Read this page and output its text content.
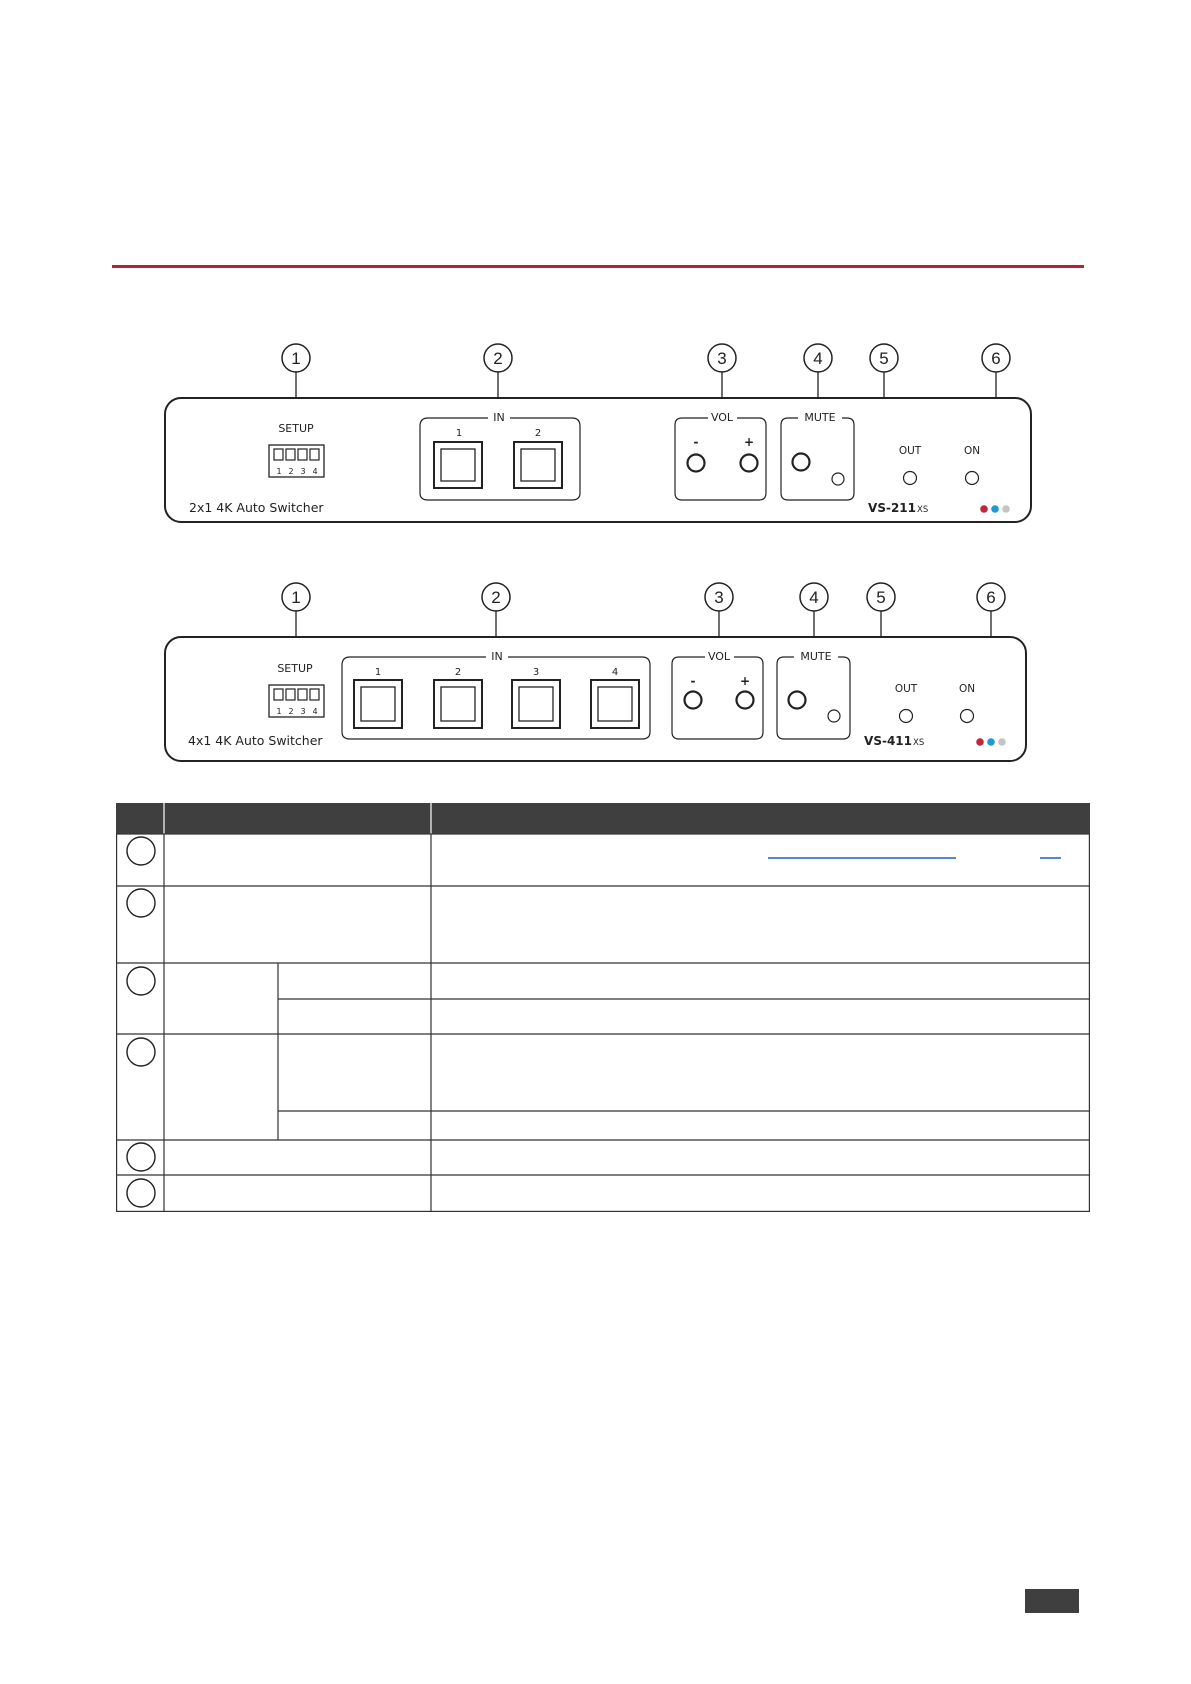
1	2	3	4	5	6
SETUP
1 2 3 4
IN
1	2
VOL
-	+
MUTE
OUT	ON
2x1 4K Auto Switcher	VS-211 XS
1	2	3	4	5	6
SETUP
1 2 3 4
IN
1	2	3	4
VOL
-	+
MUTE
OUT	ON
4x1 4K Auto Switcher	VS-411 XS
